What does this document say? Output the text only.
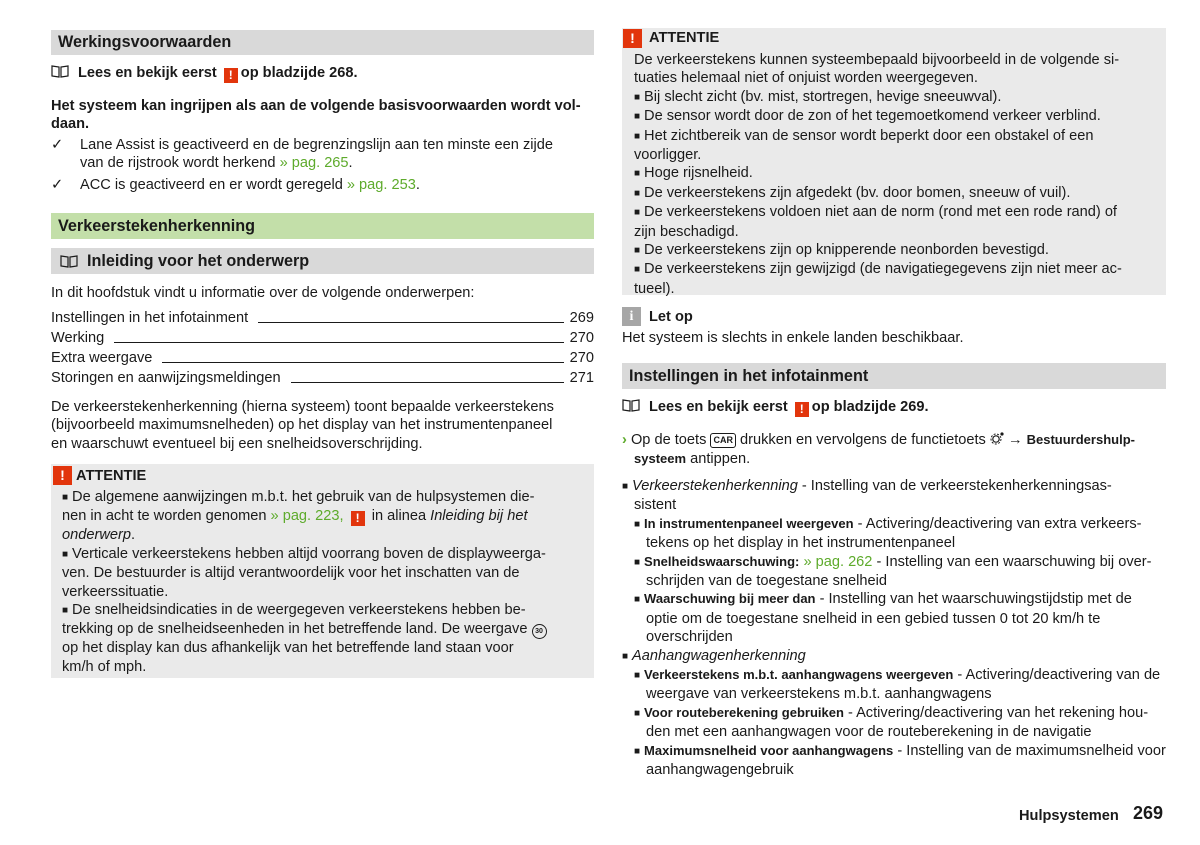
Werkingsvoorwaarden
Lees en bekijk eerst ! op bladzijde 268.
Het systeem kan ingrijpen als aan de volgende basisvoorwaarden wordt vol-
daan.
✓ Lane Assist is geactiveerd en de begrenzingslijn aan ten minste een zijde
van de rijstrook wordt herkend » pag. 265.
✓ ACC is geactiveerd en er wordt geregeld » pag. 253.
Verkeerstekenherkenning
Inleiding voor het onderwerp
In dit hoofdstuk vindt u informatie over de volgende onderwerpen:
Instellingen in het infotainment	269
Werking	270
Extra weergave	270
Storingen en aanwijzingsmeldingen	271
De verkeerstekenherkenning (hierna systeem) toont bepaalde verkeerstekens
(bijvoorbeeld maximumsnelheden) op het display van het instrumentenpaneel
en waarschuwt eventueel bij een snelheidsoverschrijding.
! ATTENTIE
■ De algemene aanwijzingen m.b.t. het gebruik van de hulpsystemen die-
nen in acht te worden genomen » pag. 223, ! in alinea Inleiding bij het
onderwerp.
■ Verticale verkeerstekens hebben altijd voorrang boven de displayweerga-
ven. De bestuurder is altijd verantwoordelijk voor het inschatten van de
verkeerssituatie.
■ De snelheidsindicaties in de weergegeven verkeerstekens hebben be-
trekking op de snelheidseenheden in het betreffende land. De weergave 30
op het display kan dus afhankelijk van het betreffende land staan voor
km/h of mph.
! ATTENTIE
De verkeerstekens kunnen systeembepaald bijvoorbeeld in de volgende si-
tuaties helemaal niet of onjuist worden weergegeven.
■ Bij slecht zicht (bv. mist, stortregen, hevige sneeuwval).
■ De sensor wordt door de zon of het tegemoetkomend verkeer verblind.
■ Het zichtbereik van de sensor wordt beperkt door een obstakel of een
voorligger.
■ Hoge rijsnelheid.
■ De verkeerstekens zijn afgedekt (bv. door bomen, sneeuw of vuil).
■ De verkeerstekens voldoen niet aan de norm (rond met een rode rand) of
zijn beschadigd.
■ De verkeerstekens zijn op knipperende neonborden bevestigd.
■ De verkeerstekens zijn gewijzigd (de navigatiegegevens zijn niet meer ac-
tueel).
i	Let op
Het systeem is slechts in enkele landen beschikbaar.
Instellingen in het infotainment
Lees en bekijk eerst ! op bladzijde 269.
› Op de toets CAR drukken en vervolgens de functietoets → Bestuurdershulp-
systeem antippen.
■ Verkeerstekenherkenning - Instelling van de verkeerstekenherkenningsas-
sistent
■ In instrumentenpaneel weergeven - Activering/deactivering van extra verkeers-
tekens op het display in het instrumentenpaneel
■ Snelheidswaarschuwing: » pag. 262 - Instelling van een waarschuwing bij over-
schrijden van de toegestane snelheid
■ Waarschuwing bij meer dan - Instelling van het waarschuwingstijdstip met de
optie om de toegestane snelheid in een gebied tussen 0 tot 20 km/h te
overschrijden
■ Aanhangwagenherkenning
■ Verkeerstekens m.b.t. aanhangwagens weergeven - Activering/deactivering van de
weergave van verkeerstekens m.b.t. aanhangwagens
■ Voor routeberekening gebruiken - Activering/deactivering van het rekening hou-
den met een aanhangwagen voor de routeberekening in de navigatie
■ Maximumsnelheid voor aanhangwagens - Instelling van de maximumsnelheid voor
aanhangwagengebruik
Hulpsystemen 269
